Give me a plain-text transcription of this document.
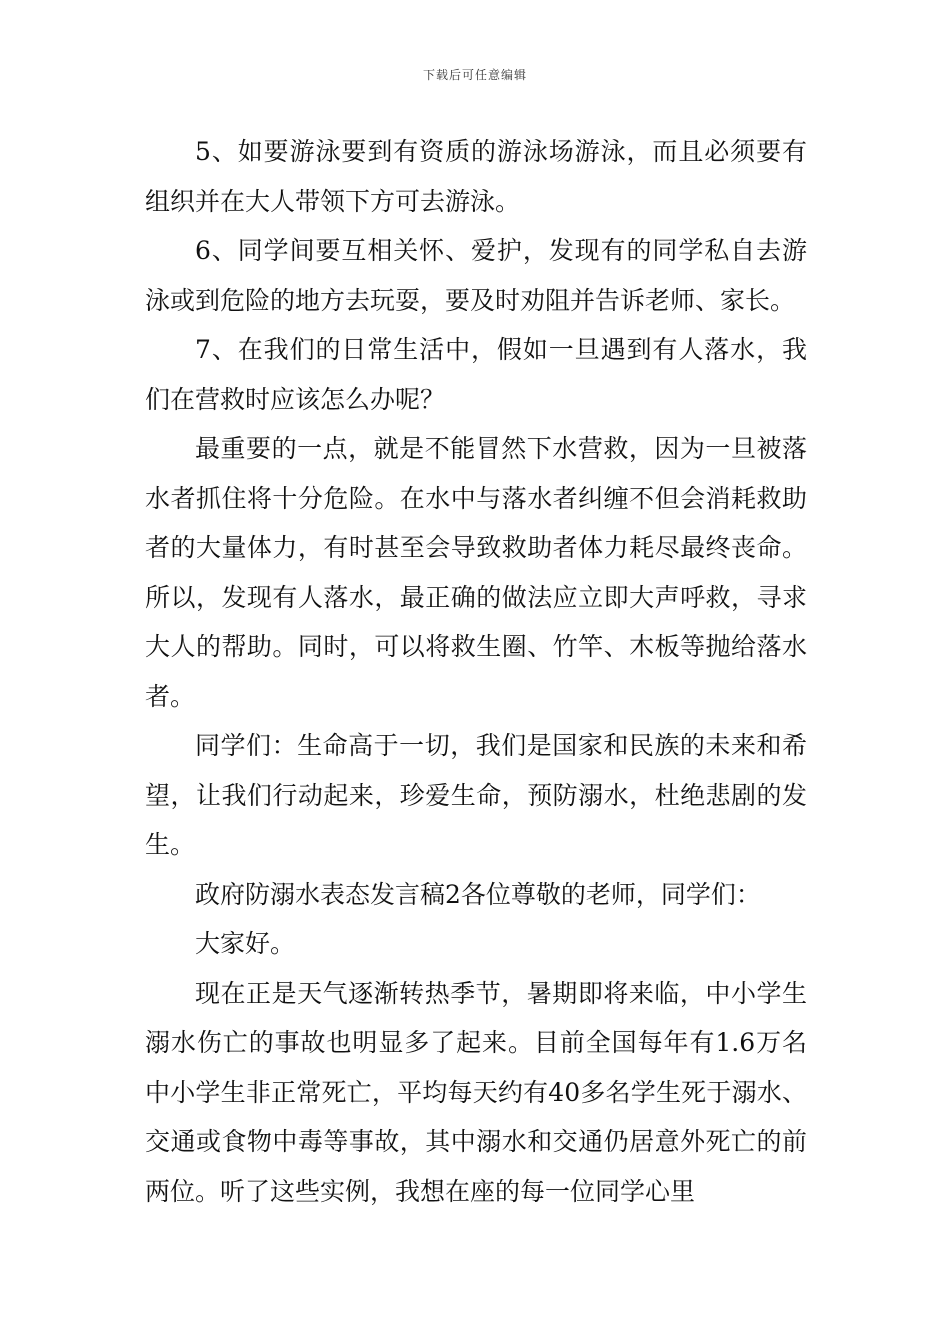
下载后可任意编辑

5、如要游泳要到有资质的游泳场游泳，而且必须要有组织并在大人带领下方可去游泳。

6、同学间要互相关怀、爱护，发现有的同学私自去游泳或到危险的地方去玩耍，要及时劝阻并告诉老师、家长。

7、在我们的日常生活中，假如一旦遇到有人落水，我们在营救时应该怎么办呢？

最重要的一点，就是不能冒然下水营救，因为一旦被落水者抓住将十分危险。在水中与落水者纠缠不但会消耗救助者的大量体力，有时甚至会导致救助者体力耗尽最终丧命。所以，发现有人落水，最正确的做法应立即大声呼救，寻求大人的帮助。同时，可以将救生圈、竹竿、木板等抛给落水者。

同学们：生命高于一切，我们是国家和民族的未来和希望，让我们行动起来，珍爱生命，预防溺水，杜绝悲剧的发生。

政府防溺水表态发言稿2各位尊敬的老师，同学们：

大家好。

现在正是天气逐渐转热季节，暑期即将来临，中小学生溺水伤亡的事故也明显多了起来。目前全国每年有1.6万名中小学生非正常死亡，平均每天约有40多名学生死于溺水、交通或食物中毒等事故，其中溺水和交通仍居意外死亡的前两位。听了这些实例，我想在座的每一位同学心里
